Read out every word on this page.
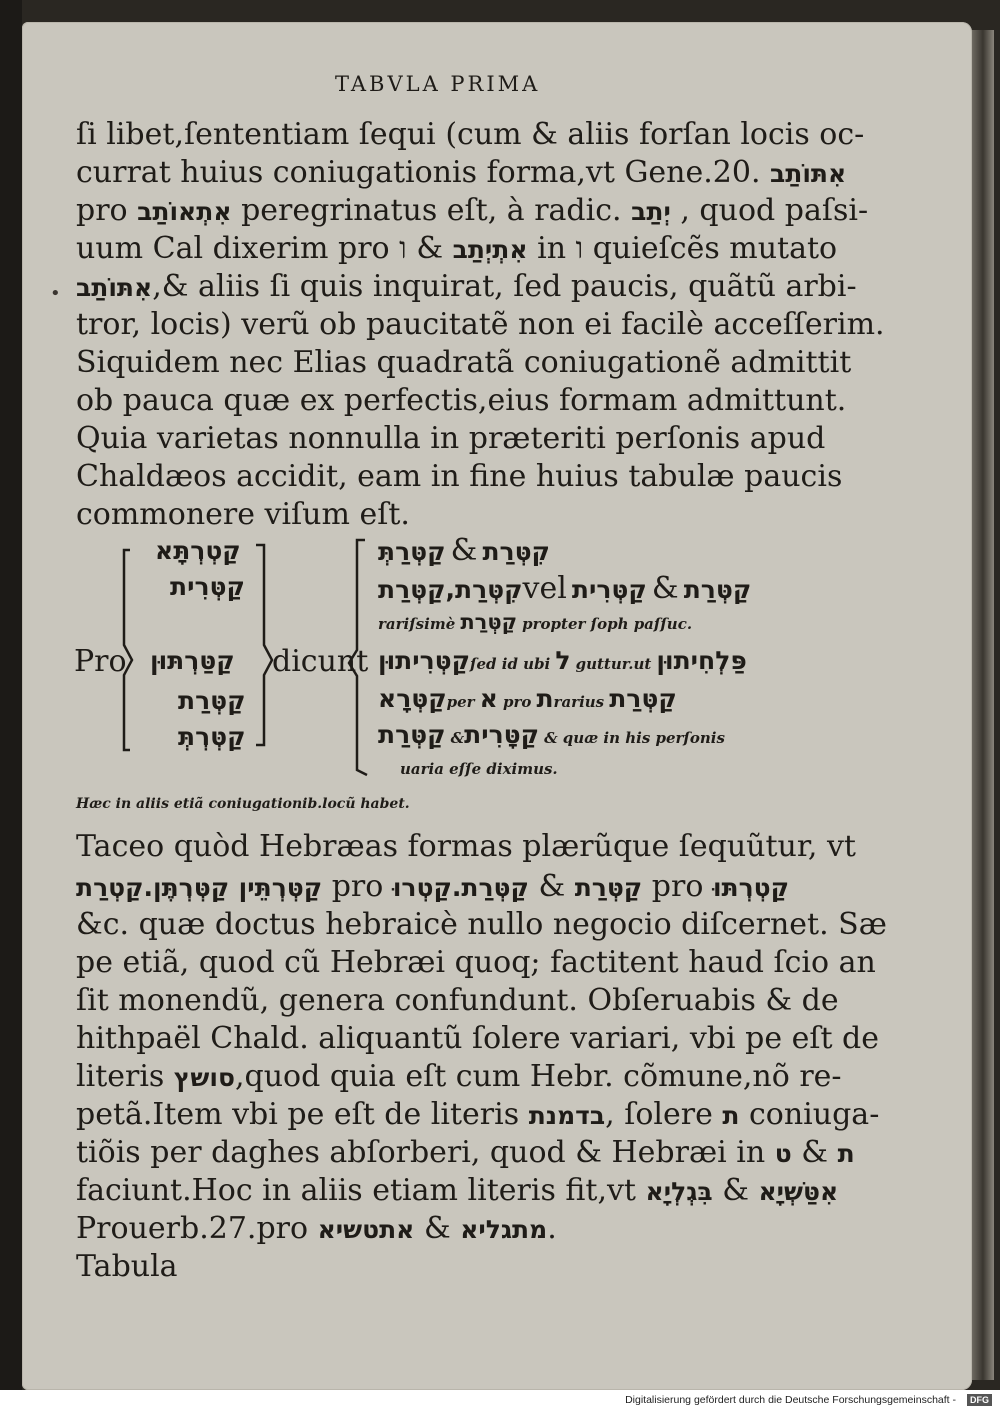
TABVLA PRIMA
ſi libet,ſententiam ſequi (cum & aliis forſan locis oc-
currat huius coniugationis forma,vt Gene.20. אִתּוֹתַב
pro אִתְאוֹתַב peregrinatus eſt, à radic. יְתַב , quod paſsi-
uum Cal dixerim pro	אִתְיְתַב & ו in ו quieſcẽs mutato
• אִתּוֹתַב,& aliis ſi quis inquirat, ſed paucis, quãtũ arbi-
tror, locis) verũ ob paucitatẽ non ei facilè acceſſerim.
Siquidem nec Elias quadratã coniugationẽ admittit
ob pauca quæ ex perfectis,eius formam admittunt.
Quia varietas nonnulla in præteriti perſonis apud
Chaldæos accidit, eam in fine huius tabulæ paucis
commonere viſum eſt.
Pro
קַטְרְתָּא
קַטְּרִית
קַטַּרְתּוּן
קַטְּרַת
קַטְּרְתְּ
dicunt
קִטְּרַת & קַטְּרַתְּ
קִטְּרַת,קַטְּרַתvel	קַטְּרַת & קַטְּרִית
rariſsimè קַטְּרַת propter ſoph paſſuc.
קַטְּרִיתוּןſed id ubi ל guttur.ut פַּלְחִיתוּן
קַטְּרָאper א pro תrarius קַטְּרַת
קַטָּרִית& קַטְּרַת	& quæ in his perſonis
uaria eſſe diximus.
Hæc in aliis etiã coniugationib.locũ habet.
Taceo quòd Hebræas formas plærũque ſequũtur, vt
קַטְּרְתֵּין קַטְּרְתֶּן.קַטְרַת	pro	קַטְּרַת & קַטְּרַת.קַטְרוּ	pro קַטְרְתּוּ
&c. quæ doctus hebraicè nullo negocio diſcernet. Sæ
pe etiã, quod cũ Hebræi quoq; factitent haud ſcio an
ſit monendũ, genera confundunt. Obſeruabis & de
hithpaël Chald. aliquantũ ſolere variari, vbi pe eſt de
literis סושץ,quod quia eſt cum Hebr. cõmune,nõ re-
petã.Item vbi pe eſt de literis בדמנת, ſolere ת coniuga-
tiõis per daghes abſorberi, quod & Hebræi in	ת & ט
faciunt.Hoc in aliis etiam literis fit,vt	אִטַּשְׁיָא & בִּגְלְיָא
Prouerb.27.pro	מתגליא & אתטשיא	.
Tabula
Digitalisierung gefördert durch die Deutsche Forschungsgemeinschaft -	DFG
